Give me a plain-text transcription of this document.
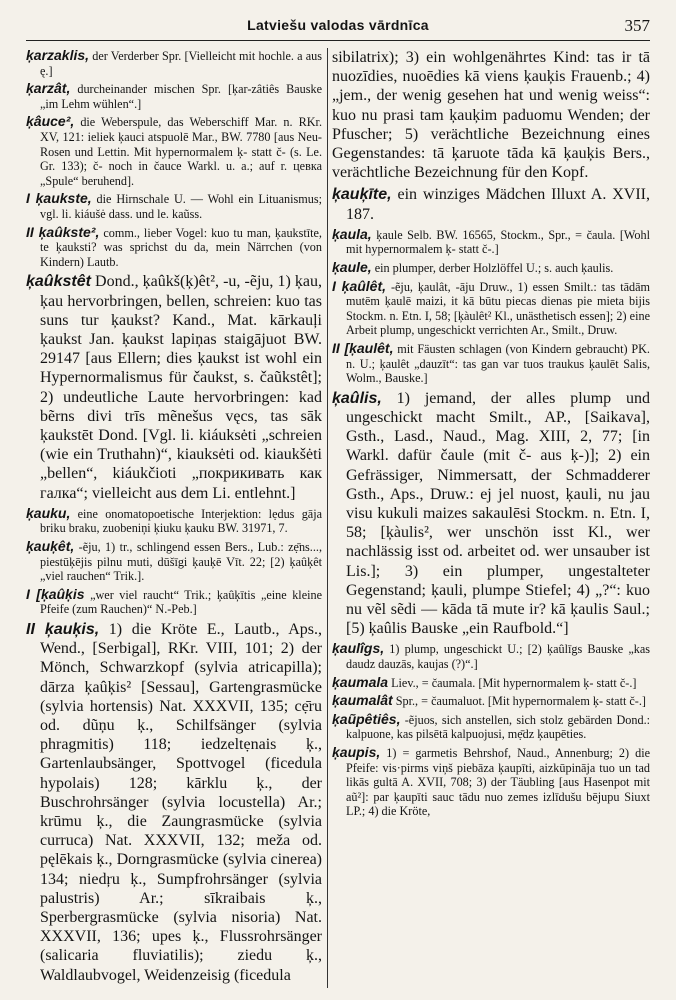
Latviešu valodas vārdnīca	357

ķarzaklis, der Verderber Spr. [Vielleicht mit hochle. a aus ę.]

ķarzât, durcheinander mischen Spr. [ķar-zâtiês Bauske „im Lehm wühlen“.]

ķâuce², die Weberspule, das Weberschiff Mar. n. RKr. XV, 121: ieliek ķauci atspuolē Mar., BW. 7780 [aus Neu-Rosen und Lettin. Mit hypernormalem ķ- statt č- (s. Le. Gr. 133); č- noch in čauce Warkl. u. a.; auf r. цевка „Spule“ beruhend].

I ķaukste, die Hirnschale U. — Wohl ein Lituanismus; vgl. li. kiáušė dass. und le. kaũss.

II ķaûkste², comm., lieber Vogel: kuo tu man, ķaukstīte, te ķauksti? was sprichst du da, mein Närrchen (von Kindern) Lautb.

ķaûkstêt Dond., ķaûkš(ķ)êt², -u, -ẽju, 1) ķau, ķau hervorbringen, bellen, schreien: kuo tas suns tur ķaukst? Kand., Mat. kārkauļi ķaukst Jan. ķaukst lapiņas staigājuot BW. 29147 [aus Ellern; dies ķaukst ist wohl ein Hypernormalismus für čaukst, s. čaũkstêt]; 2) undeutliche Laute hervorbringen: kad bẽrns divi trīs mẽnešus vęcs, tas sāk ķaukstēt Dond. [Vgl. li. kiáuksėti „schreien (wie ein Truthahn)“, kiauksėti od. kiaukšėti „bellen“, kiáukčioti „покрикивать как галка“; vielleicht aus dem Li. entlehnt.]

ķauku, eine onomatopoetische Interjektion: lẹdus gāja briku braku, zuobeniņi ķiuku ķauku BW. 31971, 7.

ķauķêt, -ẽju, 1) tr., schlingend essen Bers., Lub.: zẹ̄ns..., piestūķējis pilnu muti, dūšīgi ķauķē Vīt. 22; [2) ķaûķêt „viel rauchen“ Trik.].

I [ķaûķis „wer viel raucht“ Trik.; ķaûķītis „eine kleine Pfeife (zum Rauchen)“ N.-Peb.]

II ķauķis, 1) die Kröte E., Lautb., Aps., Wend., [Serbigal], RKr. VIII, 101; 2) der Mönch, Schwarzkopf (sylvia atricapilla); dārza ķaûķis² [Sessau], Gartengrasmücke (sylvia hortensis) Nat. XXXVII, 135; cẹ̄ru od. dũņu ķ., Schilfsänger (sylvia phragmitis) 118; iedzeltẹnais ķ., Gartenlaubsänger, Spottvogel (ficedula hypolais) 128; kārklu ķ., der Buschrohrsänger (sylvia locustella) Ar.; krūmu ķ., die Zaungrasmücke (sylvia curruca) Nat. XXXVII, 132; meža od. pęlēkais ķ., Dorngrasmücke (sylvia cinerea) 134; niedŗu ķ., Sumpfrohrsänger (sylvia palustris) Ar.; sīkraibais ķ., Sperbergrasmücke (sylvia nisoria) Nat. XXXVII, 136; upes ķ., Flussrohrsänger (salicaria fluviatilis); ziedu ķ., Waldlaubvogel, Weidenzeisig (ficedula

sibilatrix); 3) ein wohlgenährtes Kind: tas ir tā nuozīdies, nuoēdies kā viens ķauķis Frauenb.; 4) „jem., der wenig gesehen hat und wenig weiss“: kuo nu prasi tam ķauķim paduomu Wenden; der Pfuscher; 5) verächtliche Bezeichnung eines Gegenstandes: tā ķaruote tāda kā ķauķis Bers., verächtliche Bezeichnung für den Kopf.

ķauķīte, ein winziges Mädchen Illuxt A. XVII, 187.

ķaula, ķaule Selb. BW. 16565, Stockm., Spr., = čaula. [Wohl mit hypernormalem ķ- statt č-.]

ķaule, ein plumper, derber Holzlöffel U.; s. auch ķaulis.

I ķaûlêt, -ẽju, ķaulât, -āju Druw., 1) essen Smilt.: tas tādām mutēm ķaulē maizi, it kā būtu piecas dienas pie mieta bijis Stockm. n. Etn. I, 58; [ķàulêt² Kl., unästhetisch essen]; 2) eine Arbeit plump, ungeschickt verrichten Ar., Smilt., Druw.

II [ķaulêt, mit Fäusten schlagen (von Kindern gebraucht) PK. n. U.; ķaulêt „dauzīt“: tas gan var tuos traukus ķaulēt Salis, Wolm., Bauske.]

ķaûlis, 1) jemand, der alles plump und ungeschickt macht Smilt., AP., [Saikava], Gsth., Lasd., Naud., Mag. XIII, 2, 77; [in Warkl. dafür čaule (mit č- aus ķ-)]; 2) ein Gefrässiger, Nimmersatt, der Schmadderer Gsth., Aps., Druw.: ej jel nuost, ķauli, nu jau visu kukuli maizes sakaulēsi Stockm. n. Etn. I, 58; [ķàulis², wer unschön isst Kl., wer nachlässig isst od. arbeitet od. wer unsauber ist Lis.]; 3) ein plumper, ungestalteter Gegenstand; ķauli, plumpe Stiefel; 4) „?“: kuo nu vẽl sẽdi — kāda tā mute ir? kā ķaulis Saul.; [5) ķaûlis Bauske „ein Raufbold.“]

ķaulîgs, 1) plump, ungeschickt U.; [2) ķaûlīgs Bauske „kas daudz dauzās, kaujas (?)“.]

ķaumala Liev., = čaumala. [Mit hypernormalem ķ- statt č-.]

ķaumalât Spr., = čaumaluot. [Mit hypernormalem ķ- statt č-.]

ķaũpêtiês, -ẽjuos, sich anstellen, sich stolz gebärden Dond.: kalpuone, kas pilsētā kalpuojusi, mẹ̄dz ķaupēties.

ķaupis, 1) = garmetis Behrshof, Naud., Annenburg; 2) die Pfeife: vis·pirms viņš piebāza ķaupīti, aizkūpināja tuo un tad likās gultā A. XVII, 708; 3) der Täubling [aus Hasenpot mit aũ²]: par ķaupīti sauc tādu nuo zemes izlīdušu bējupu Siuxt LP.; 4) die Kröte,
